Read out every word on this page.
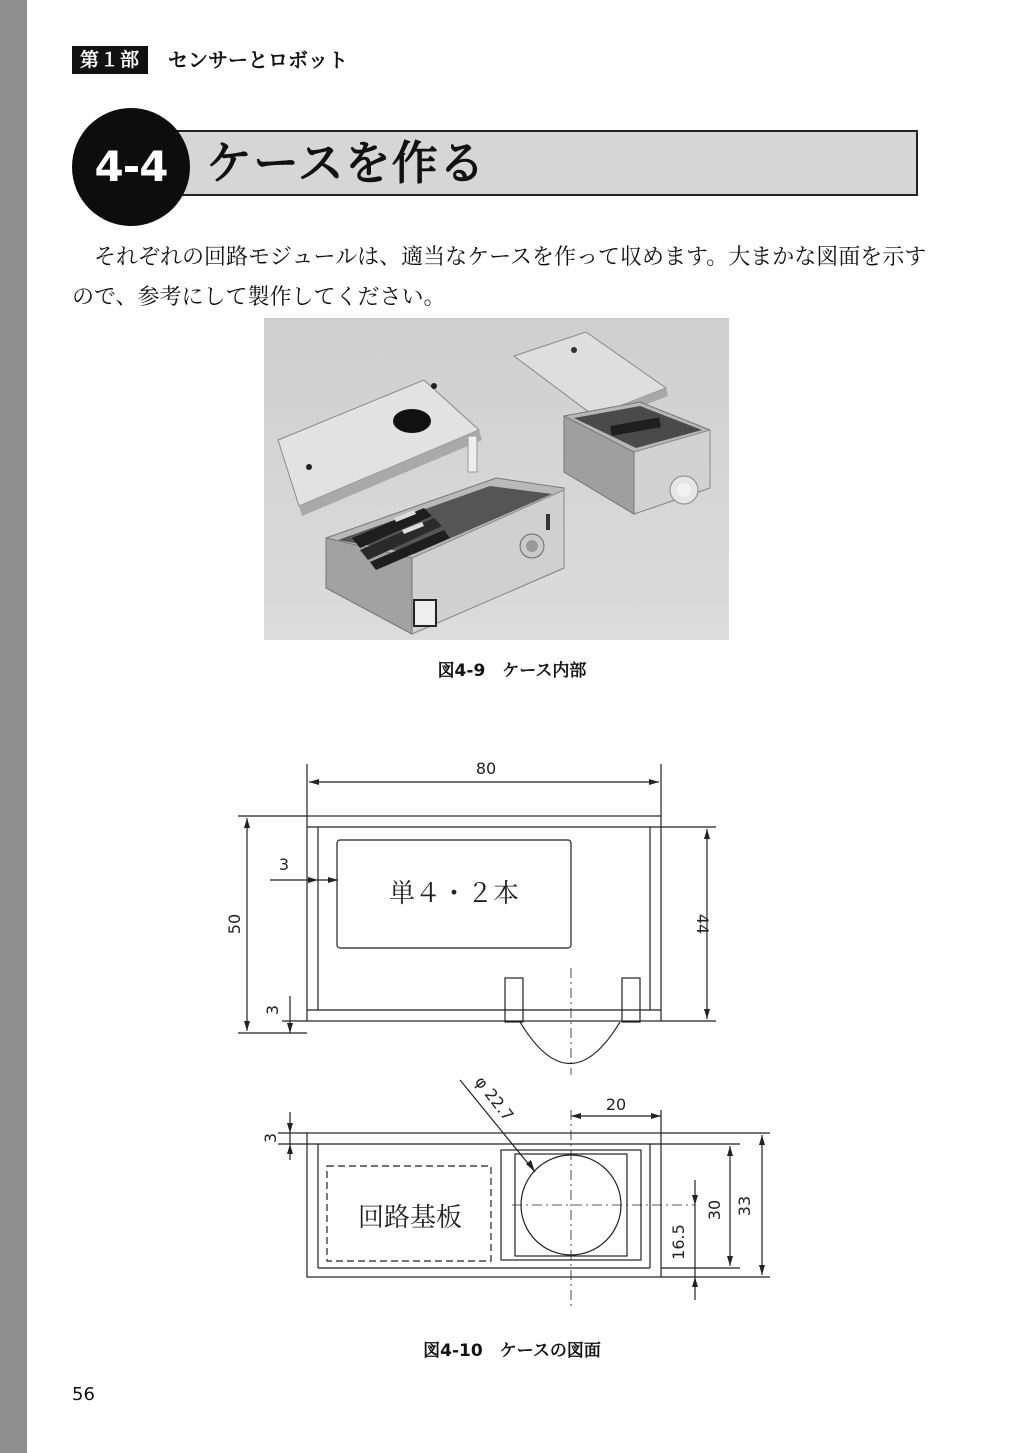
第１部	センサーとロボット
4-4 ケースを作る
それぞれの回路モジュールは、適当なケースを作って収めます。大まかな図面を示すので、参考にして製作してください。
図4-9　ケース内部
80
50	44
3
3
単４・２本
3
φ 22.7	20
16.5
30 33
回路基板
図4-10　ケースの図面
56
